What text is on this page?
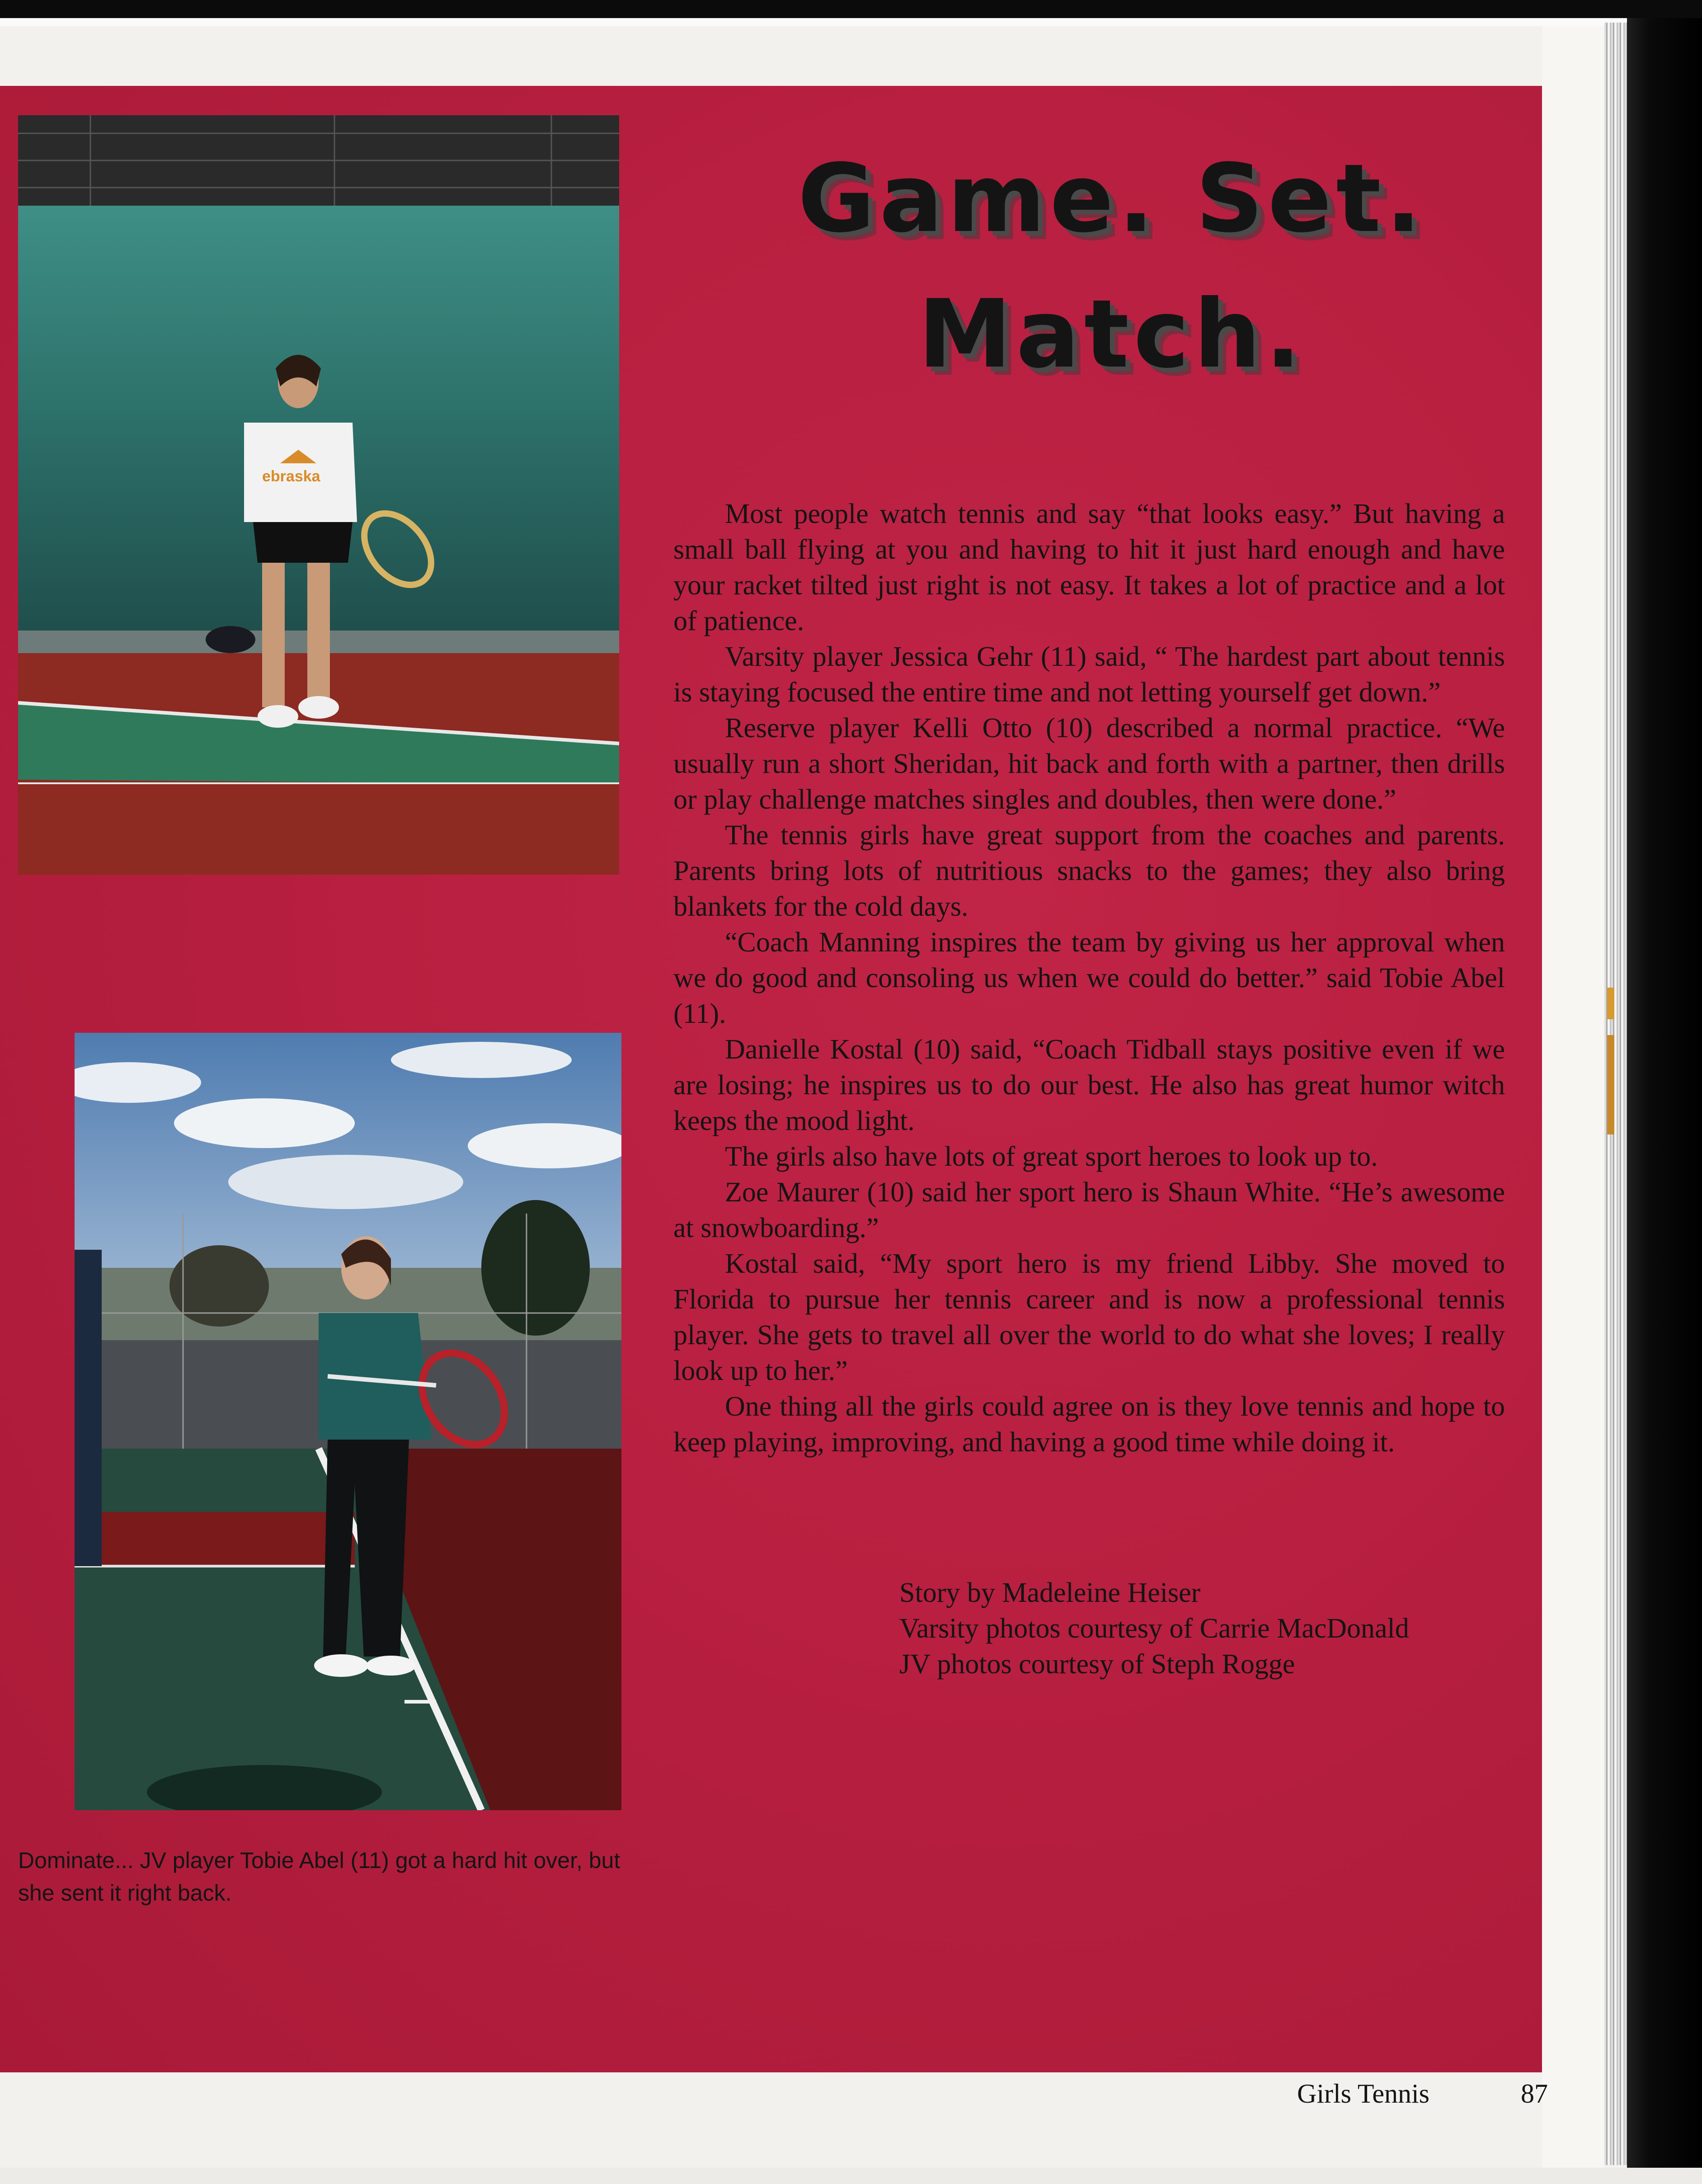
ebraska
Game. Set.
Match.

Most people watch tennis and say “that looks easy.” But having a small ball flying at you and having to hit it just hard enough and have your racket tilted just right is not easy. It takes a lot of practice and a lot of patience.

Varsity player Jessica Gehr (11) said, “ The hardest part about tennis is staying focused the entire time and not letting yourself get down.”

Reserve player Kelli Otto (10) described a normal practice. “We usually run a short Sheridan, hit back and forth with a partner, then drills or play challenge matches singles and doubles, then were done.”

The tennis girls have great support from the coaches and parents. Parents bring lots of nutritious snacks to the games; they also bring blankets for the cold days.

“Coach Manning inspires the team by giving us her approval when we do good and consoling us when we could do better.” said Tobie Abel (11).

Danielle Kostal (10) said, “Coach Tidball stays positive even if we are losing; he inspires us to do our best. He also has great humor witch keeps the mood light.

The girls also have lots of great sport heroes to look up to.

Zoe Maurer (10) said her sport hero is Shaun White. “He’s awesome at snowboarding.”

Kostal said, “My sport hero is my friend Libby. She moved to Florida to pursue her tennis career and is now a professional tennis player. She gets to travel all over the world to do what she loves; I really look up to her.”

One thing all the girls could agree on is they love tennis and hope to keep playing, improving, and having a good time while doing it.

Story by Madeleine Heiser
Varsity photos courtesy of Carrie MacDonald
JV photos courtesy of Steph Rogge
Dominate... JV player Tobie Abel (11) got a hard hit over, but she sent it right back.
Girls Tennis	87
